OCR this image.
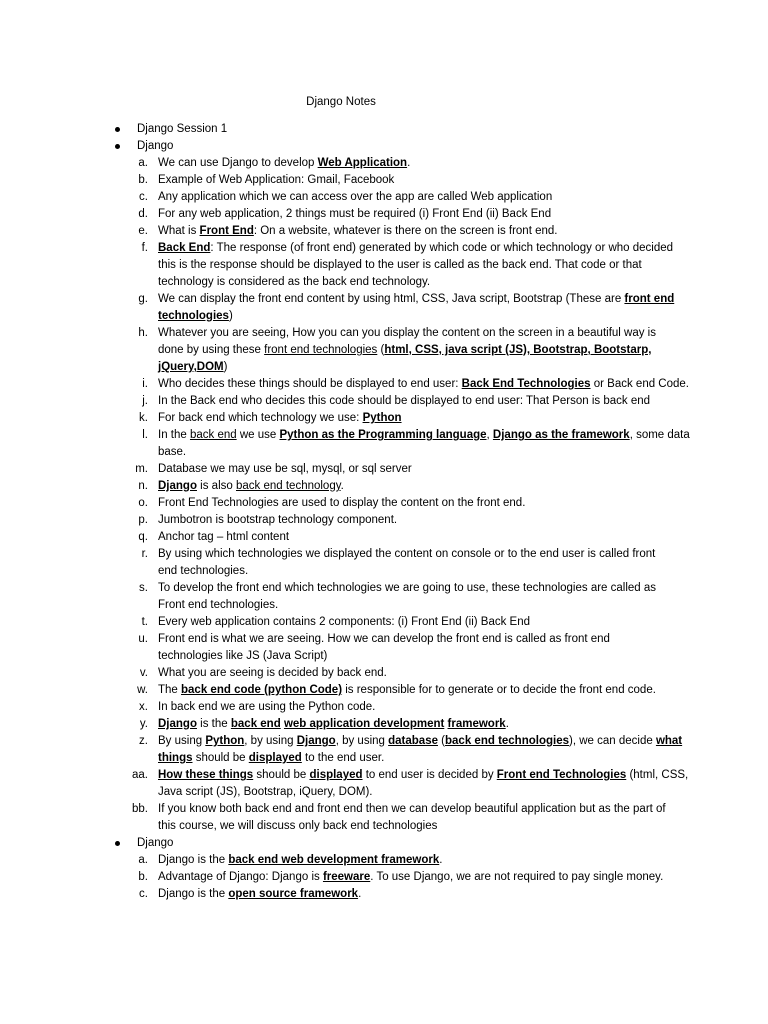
Django Notes
Django Session 1
Django
a. We can use Django to develop Web Application.
b. Example of Web Application: Gmail, Facebook
c. Any application which we can access over the app are called Web application
d. For any web application, 2 things must be required (i) Front End (ii) Back End
e. What is Front End: On a website, whatever is there on the screen is front end.
f. Back End: The response (of front end) generated by which code or which technology or who decided
this is the response should be displayed to the user is called as the back end. That code or that
technology is considered as the back end technology.
g. We can display the front end content by using html, CSS, Java script, Bootstrap (These are front end
technologies)
h. Whatever you are seeing, How you can you display the content on the screen in a beautiful way is
done by using these front end technologies (html, CSS, java script (JS), Bootstrap, Bootstarp,
jQuery,DOM)
i. Who decides these things should be displayed to end user: Back End Technologies or Back end Code.
j. In the Back end who decides this code should be displayed to end user: That Person is back end
k. For back end which technology we use: Python
l. In the back end we use Python as the Programming language, Django as the framework, some data
base.
m. Database we may use be sql, mysql, or sql server
n. Django is also back end technology.
o. Front End Technologies are used to display the content on the front end.
p. Jumbotron is bootstrap technology component.
q. Anchor tag – html content
r. By using which technologies we displayed the content on console or to the end user is called front
end technologies.
s. To develop the front end which technologies we are going to use, these technologies are called as
Front end technologies.
t. Every web application contains 2 components: (i) Front End (ii) Back End
u. Front end is what we are seeing. How we can develop the front end is called as front end
technologies like JS (Java Script)
v. What you are seeing is decided by back end.
w. The back end code (python Code) is responsible for to generate or to decide the front end code.
x. In back end we are using the Python code.
y. Django is the back end web application development framework.
z. By using Python, by using Django, by using database (back end technologies), we can decide what
things should be displayed to the end user.
aa. How these things should be displayed to end user is decided by Front end Technologies (html, CSS,
Java script (JS), Bootstrap, iQuery, DOM).
bb. If you know both back end and front end then we can develop beautiful application but as the part of
this course, we will discuss only back end technologies
Django
a. Django is the back end web development framework.
b. Advantage of Django: Django is freeware. To use Django, we are not required to pay single money.
c. Django is the open source framework.
